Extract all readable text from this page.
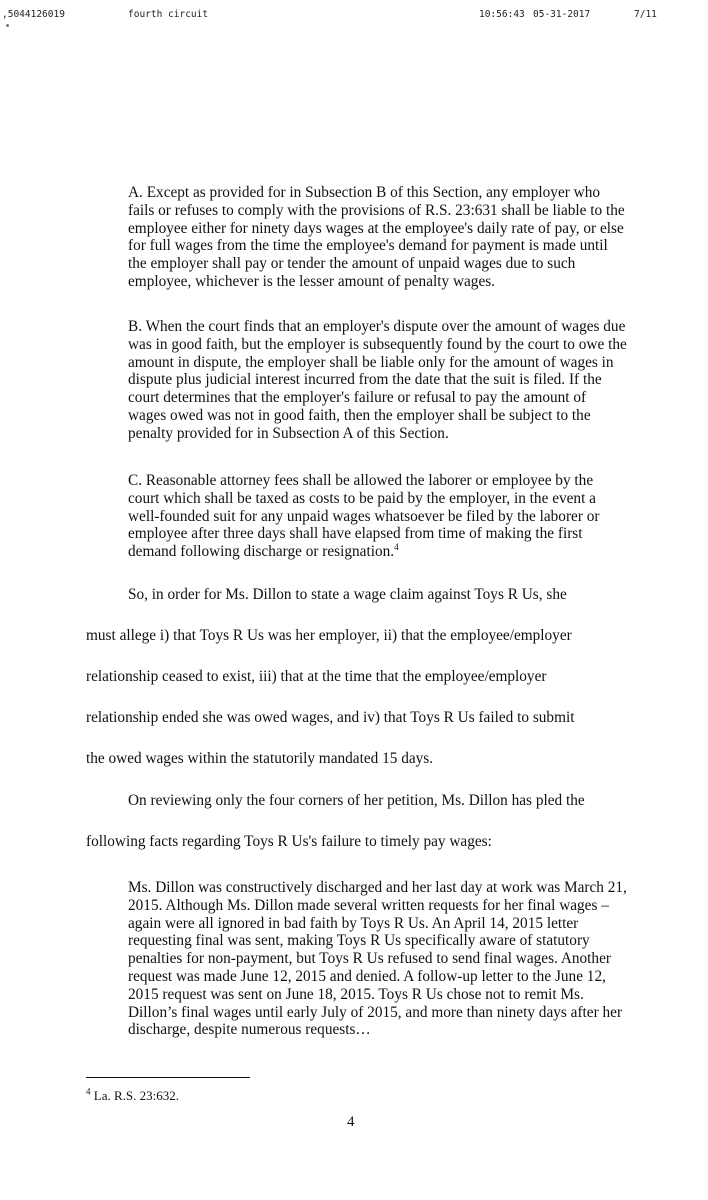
,5044126019	fourth circuit	10:56:43 05-31-2017	7/11

A. Except as provided for in Subsection B of this Section, any employer who fails or refuses to comply with the provisions of R.S. 23:631 shall be liable to the employee either for ninety days wages at the employee's daily rate of pay, or else for full wages from the time the employee's demand for payment is made until the employer shall pay or tender the amount of unpaid wages due to such employee, whichever is the lesser amount of penalty wages.

B. When the court finds that an employer's dispute over the amount of wages due was in good faith, but the employer is subsequently found by the court to owe the amount in dispute, the employer shall be liable only for the amount of wages in dispute plus judicial interest incurred from the date that the suit is filed. If the court determines that the employer's failure or refusal to pay the amount of wages owed was not in good faith, then the employer shall be subject to the penalty provided for in Subsection A of this Section.

C. Reasonable attorney fees shall be allowed the laborer or employee by the court which shall be taxed as costs to be paid by the employer, in the event a well-founded suit for any unpaid wages whatsoever be filed by the laborer or employee after three days shall have elapsed from time of making the first demand following discharge or resignation.$^4$

So, in order for Ms. Dillon to state a wage claim against Toys R Us, she

must allege i) that Toys R Us was her employer, ii) that the employee/employer

relationship ceased to exist, iii) that at the time that the employee/employer

relationship ended she was owed wages, and iv) that Toys R Us failed to submit

the owed wages within the statutorily mandated 15 days.

On reviewing only the four corners of her petition, Ms. Dillon has pled the

following facts regarding Toys R Us's failure to timely pay wages:

Ms. Dillon was constructively discharged and her last day at work was March 21, 2015. Although Ms. Dillon made several written requests for her final wages – again were all ignored in bad faith by Toys R Us. An April 14, 2015 letter requesting final was sent, making Toys R Us specifically aware of statutory penalties for non-payment, but Toys R Us refused to send final wages. Another request was made June 12, 2015 and denied. A follow-up letter to the June 12, 2015 request was sent on June 18, 2015. Toys R Us chose not to remit Ms. Dillon’s final wages until early July of 2015, and more than ninety days after her discharge, despite numerous requests…

$^4$ La. R.S. 23:632.
4
